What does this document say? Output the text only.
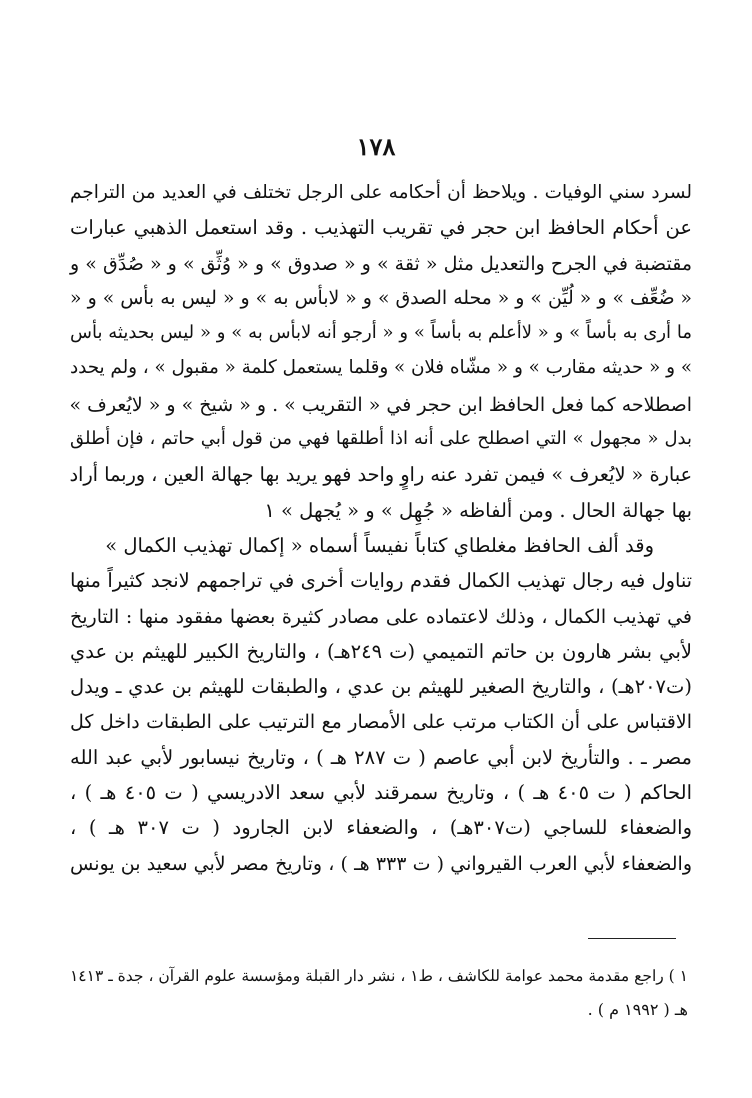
١٧٨
لسرد سني الوفيات . ويلاحظ أن أحكامه على الرجل تختلف في العديد من التراجم
عن أحكام الحافظ ابن حجر في تقريب التهذيب . وقد استعمل الذهبي عبارات
مقتضبة في الجرح والتعديل مثل « ثقة » و « صدوق » و « وُثِّق » و « صُدِّق » و
« ضُعِّف » و « لُيِّن » و « محله الصدق » و « لابأس به » و « ليس به بأس » و «
ما أرى به بأساً » و « لاأعلم به بأساً » و « أرجو أنه لابأس به » و « ليس بحديثه بأس
» و « حديثه مقارب » و « مشّاه فلان » وقلما يستعمل كلمة « مقبول » ، ولم يحدد
اصطلاحه كما فعل الحافظ ابن حجر في « التقريب » . و « شيخ » و « لايُعرف »
بدل « مجهول » التي اصطلح على أنه اذا أطلقها فهي من قول أبي حاتم ، فإن أطلق
عبارة « لايُعرف » فيمن تفرد عنه راوٍ واحد فهو يريد بها جهالة العين ، وربما أراد
بها جهالة الحال . ومن ألفاظه « جُهِل » و « يُجهل » ١
وقد ألف الحافظ مغلطاي كتاباً نفيساً أسماه « إكمال تهذيب الكمال »
تناول فيه رجال تهذيب الكمال فقدم روايات أخرى في تراجمهم لانجد كثيراً منها
في تهذيب الكمال ، وذلك لاعتماده على مصادر كثيرة بعضها مفقود منها : التاريخ
لأبي بشر هارون بن حاتم التميمي (ت ٢٤٩هـ) ، والتاريخ الكبير للهيثم بن عدي
(ت٢٠٧هـ) ، والتاريخ الصغير للهيثم بن عدي ، والطبقات للهيثم بن عدي ـ ويدل
الاقتباس على أن الكتاب مرتب على الأمصار مع الترتيب على الطبقات داخل كل
مصر ـ . والتأريخ لابن أبي عاصم ( ت ٢٨٧ هـ ) ، وتاريخ نيسابور لأبي عبد الله
الحاكم ( ت ٤٠٥ هـ ) ، وتاريخ سمرقند لأبي سعد الادريسي ( ت ٤٠٥ هـ ) ،
والضعفاء للساجي (ت٣٠٧هـ) ، والضعفاء لابن الجارود ( ت ٣٠٧ هـ ) ،
والضعفاء لأبي العرب القيرواني ( ت ٣٣٣ هـ ) ، وتاريخ مصر لأبي سعيد بن يونس
١ ) راجع مقدمة محمد عوامة للكاشف ، ط١ ، نشر دار القبلة ومؤسسة علوم القرآن ، جدة ـ ١٤١٣
هـ ( ١٩٩٢ م ) .
